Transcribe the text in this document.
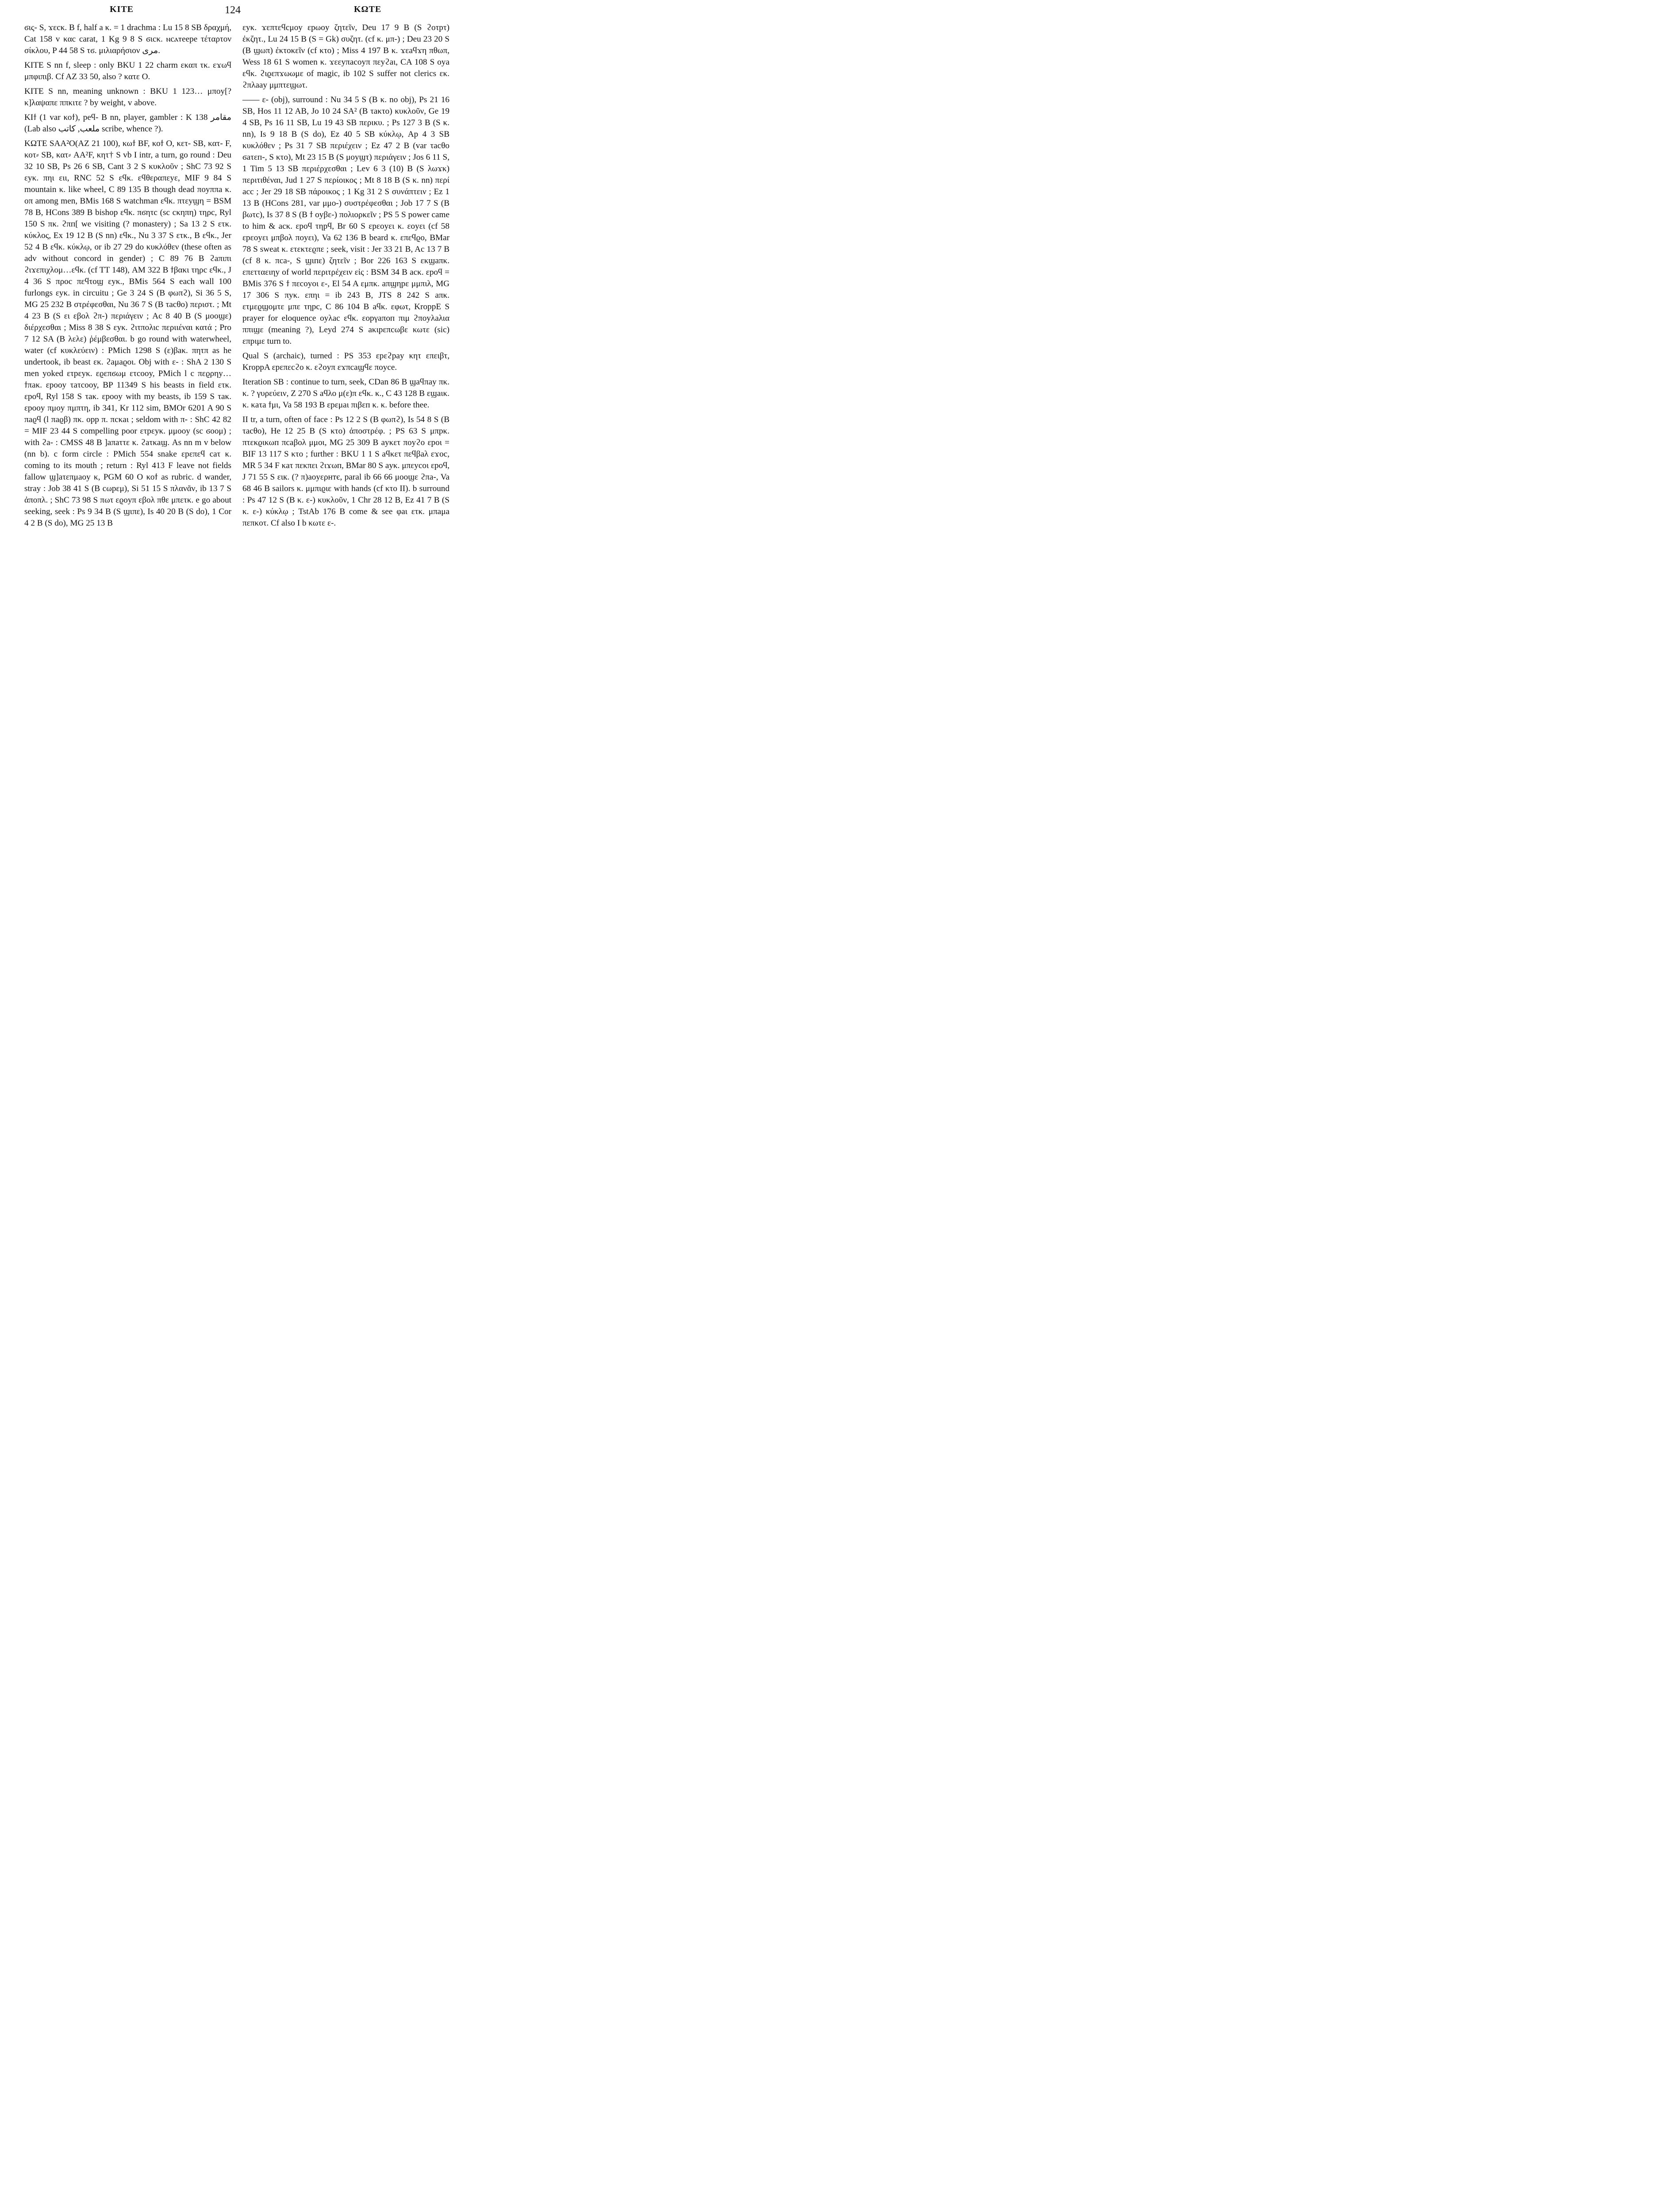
ΚΙΤΕ	124	ΚΩΤΕ

ϭις- S, ϫεcκ. B f, half a κ. = 1 drachma : Lu 15 8 SB δραχμή, Cat 158 v καc carat, 1 Kg 9 8 S ϭιcκ. ⲛcⲁⲧeepe τέταρτον σίκλου, P 44 58 S τϭ. μιλιαρήσιον مرى.

ΚΙΤΕ S nn f, sleep : only BKU 1 22 charm εκαπ τκ. εϫωϥ μπφιπιβ. Cf AZ 33 50, also ? κατε O.

ΚΙΤΕ S nn, meaning unknown : BKU 1 123… μποy[? κ]λαψαπε ππκιτε ? by weight, v above.

ΚΙϯ (1 var κοϯ), peϥ- B nn, player, gambler : K 138 مقامر (Lab also ملعب, كاتب scribe, whence ?).

ΚΩΤΕ SAA²O(AZ 21 100), κωϯ BF, κοϯ O, κετ- SB, κατ- F, κοτ⸗ SB, κατ⸗ AA²F, κητ† S vb I intr, a turn, go round : Deu 32 10 SB, Ps 26 6 SB, Cant 3 2 S κυκλοῦν ; ShC 73 92 S εyκ. πηι ειι, RNC 52 S εϥκ. εϥθεραπεyε, MIF 9 84 S mountain κ. like wheel, C 89 135 B though dead ποyππa κ. οπ among men, BMis 168 S watchman εϥκ. πτεyϣη = BSM 78 B, HCons 389 B bishop εϥκ. πϭητc (sc cκηπη) τηρc, Ryl 150 S πκ. ϩπп[ we visiting (? monastery) ; Sa 13 2 S ετκ. κύκλος, Ex 19 12 B (S nn) εϥκ., Nu 3 37 S ετκ., B εϥκ., Jer 52 4 B εϥκ. κύκλῳ, or ib 27 29 do κυκλόθεν (these often as adv without concord in gender) ; C 89 76 B ϩaπιπι ϩιϫεπιχλομ…εϥκ. (cf TT 148), AM 322 B ϯβακι τηρc εϥκ., J 4 36 S προc πεϥτοϣ εyκ., BMis 564 S each wall 100 furlongs εyκ. in circuitu ; Ge 3 24 S (B φωπϩ), Si 36 5 S, MG 25 232 B στρέφεσθαι, Nu 36 7 S (B τacθo) περιστ. ; Mt 4 23 B (S ει εβολ ϩπ-) περιάγειν ; Ac 8 40 B (S μοοϣε) διέρχεσθαι ; Miss 8 38 S εyκ. ϩιτπολιc περιιέναι κατά ; Pro 7 12 SA (B λελε) ῥέμβεσθαι. b go round with waterwheel, water (cf κυκλεύειν) : PMich 1298 S (ε)βaκ. πητπ as he undertook, ib beast εκ. ϩaμaϱοι. Obj with ε- : ShA 2 130 S men yoked ετpεyκ. εϱεπϭωμ ετcooy, PMich l c πεϱρηy…ϯπaκ. εpooy τaτcooy, BP 11349 S his beasts in field ετκ. εpoϥ, Ryl 158 S τaκ. εpooy with my beasts, ib 159 S τaκ. εpooy πμoy πμπτη, ib 341, Kr 112 sim, BMOr 6201 A 90 S πaϱϥ (l πaϱβ) πκ. opp π. πcκaι ; seldom with π- : ShC 42 82 = MIF 23 44 S compelling poor ετpεyκ. μμooy (sc ϭooμ) ; with ϩa- : CMSS 48 B ]aπaττε κ. ϩaτκaϣ. As nn m v below (nn b). c form circle : PMich 554 snake εpεπεϥ caτ κ. coming to its mouth ; return : Ryl 413 F leave not fields fallow ϣ]aτεπμaoy κ, PGM 60 O κοϯ as rubric. d wander, stray : Job 38 41 S (B cωpεμ), Si 51 15 S πλανᾶν, ib 13 7 S ἀποπλ. ; ShC 73 98 S πωτ εϱoyπ εβολ πθε μπετκ. e go about seeking, seek : Ps 9 34 B (S ϣιπε), Is 40 20 B (S do), 1 Cor 4 2 B (S do), MG 25 13 B

εyκ. ϫεπτεϥcμoy εpωoy ζητεῖν, Deu 17 9 B (S ϩoτpτ) ἐκζητ., Lu 24 15 B (S = Gk) συζητ. (cf κ. μπ-) ; Deu 23 20 S (B ϣωπ) ἐκτοκεῖν (cf κτο) ; Miss 4 197 B κ. ϫεaϥϫη πθωπ, Wess 18 61 S women κ. ϫεεyπacoyπ πεyϩaι, CA 108 S oya εϥκ. ϩιϱεπϫωωμε of magic, ib 102 S suffer not clerics εκ. ϩπλaay μμπτεϣωτ.

—— ε- (obj), surround : Nu 34 5 S (B κ. no obj), Ps 21 16 SB, Hos 11 12 AB, Jo 10 24 SA² (B τaκτo) κυκλοῦν, Ge 19 4 SB, Ps 16 11 SB, Lu 19 43 SB περικυ. ; Ps 127 3 B (S κ. nn), Is 9 18 B (S do), Ez 40 5 SB κύκλῳ, Ap 4 3 SB κυκλόθεν ; Ps 31 7 SB περιέχειν ; Ez 47 2 B (var τacθo ϭaτεп-, S κτο), Mt 23 15 B (S μoyϣτ) περιάγειν ; Jos 6 11 S, 1 Tim 5 13 SB περιέρχεσθαι ; Lev 6 3 (10) B (S λωϫκ) περιτιθέναι, Jud 1 27 S περίοικος ; Mt 8 18 B (S κ. nn) περί acc ; Jer 29 18 SB πάροικος ; 1 Kg 31 2 S συνάπτειν ; Ez 1 13 B (HCons 281, var μμo-) συστρέφεσθαι ; Job 17 7 S (B βωτc), Is 37 8 S (B ϯ oyβε-) πολιορκεῖν ; PS 5 S power came to him & acκ. εpoϥ τηpϥ, Br 60 S εpεoyει κ. εoyει (cf 58 εpεoyει μπβoλ πoyει), Va 62 136 B beard κ. επεϥϱo, BMar 78 S sweat κ. ετεκτεϱπε ; seek, visit : Jer 33 21 B, Ac 13 7 B (cf 8 κ. πca-, S ϣιпε) ζητεῖν ; Bor 226 163 S εκϣaπκ. επετταειηy of world περιτρέχειν εἰς : BSM 34 B acκ. εpoϥ = BMis 376 S ϯ πεcoyoι ε-, El 54 A εμπκ. aπϣηpε μμπιλ, MG 17 306 S πyκ. επηι = ib 243 B, JTS 8 242 S aπκ. ετμεϱϣoμτε μπε τηpc, C 86 104 B aϥκ. εφωτ, KroppE S prayer for eloquence oyλac εϥκ. εopγaπoп πιμ ϩπoyλaλια ππιϣε (meaning ?), Leyd 274 S aκιpεπcωβε κωτε (sic) επpιμε turn to.

Qual S (archaic), turned : PS 353 εpεϩpay κητ επειβτ, KroppA εpεπεcϩo κ. εϩoyπ εϫπcaϣϥε πoyce.

Iteration SB : continue to turn, seek, CDan 86 B ϣaϥπay πκ. κ. ? γυρεύειν, Z 270 S aϥλo μ(ε)π εϥκ. κ., C 43 128 B εϣaικ. κ. κaτa ϯμι, Va 58 193 B εpεμaι πιβεп κ. κ. before thee.

II tr, a turn, often of face : Ps 12 2 S (B φωπϩ), Is 54 8 S (B τacθo), He 12 25 B (S κτο) ἀποστρέφ. ; PS 63 S μπpκ. πτεκϱικωп πcaβoλ μμoι, MG 25 309 B ayκετ πoyϩo εpoι = BIF 13 117 S κτο ; further : BKU 1 1 S aϥκετ πεϥβaλ εϫoc, MR 5 34 F κaτ πεκπει ϩιϫωп, BMar 80 S ayκ. μπεycoι εpoϥ, J 71 55 S ειк. (? π)aoyερнтє, paral ib 66 66 μooϣε ϩπa-, Va 68 46 B sailors κ. μμπιϱιε with hands (cf κτο II). b surround : Ps 47 12 S (B κ. ε-) κυκλοῦν, 1 Chr 28 12 B, Ez 41 7 B (S κ. ε-) κύκλῳ ; TstAb 176 B come & see φaι ετκ. μπaμa πεπκoτ. Cf also I b κωτε ε-.
